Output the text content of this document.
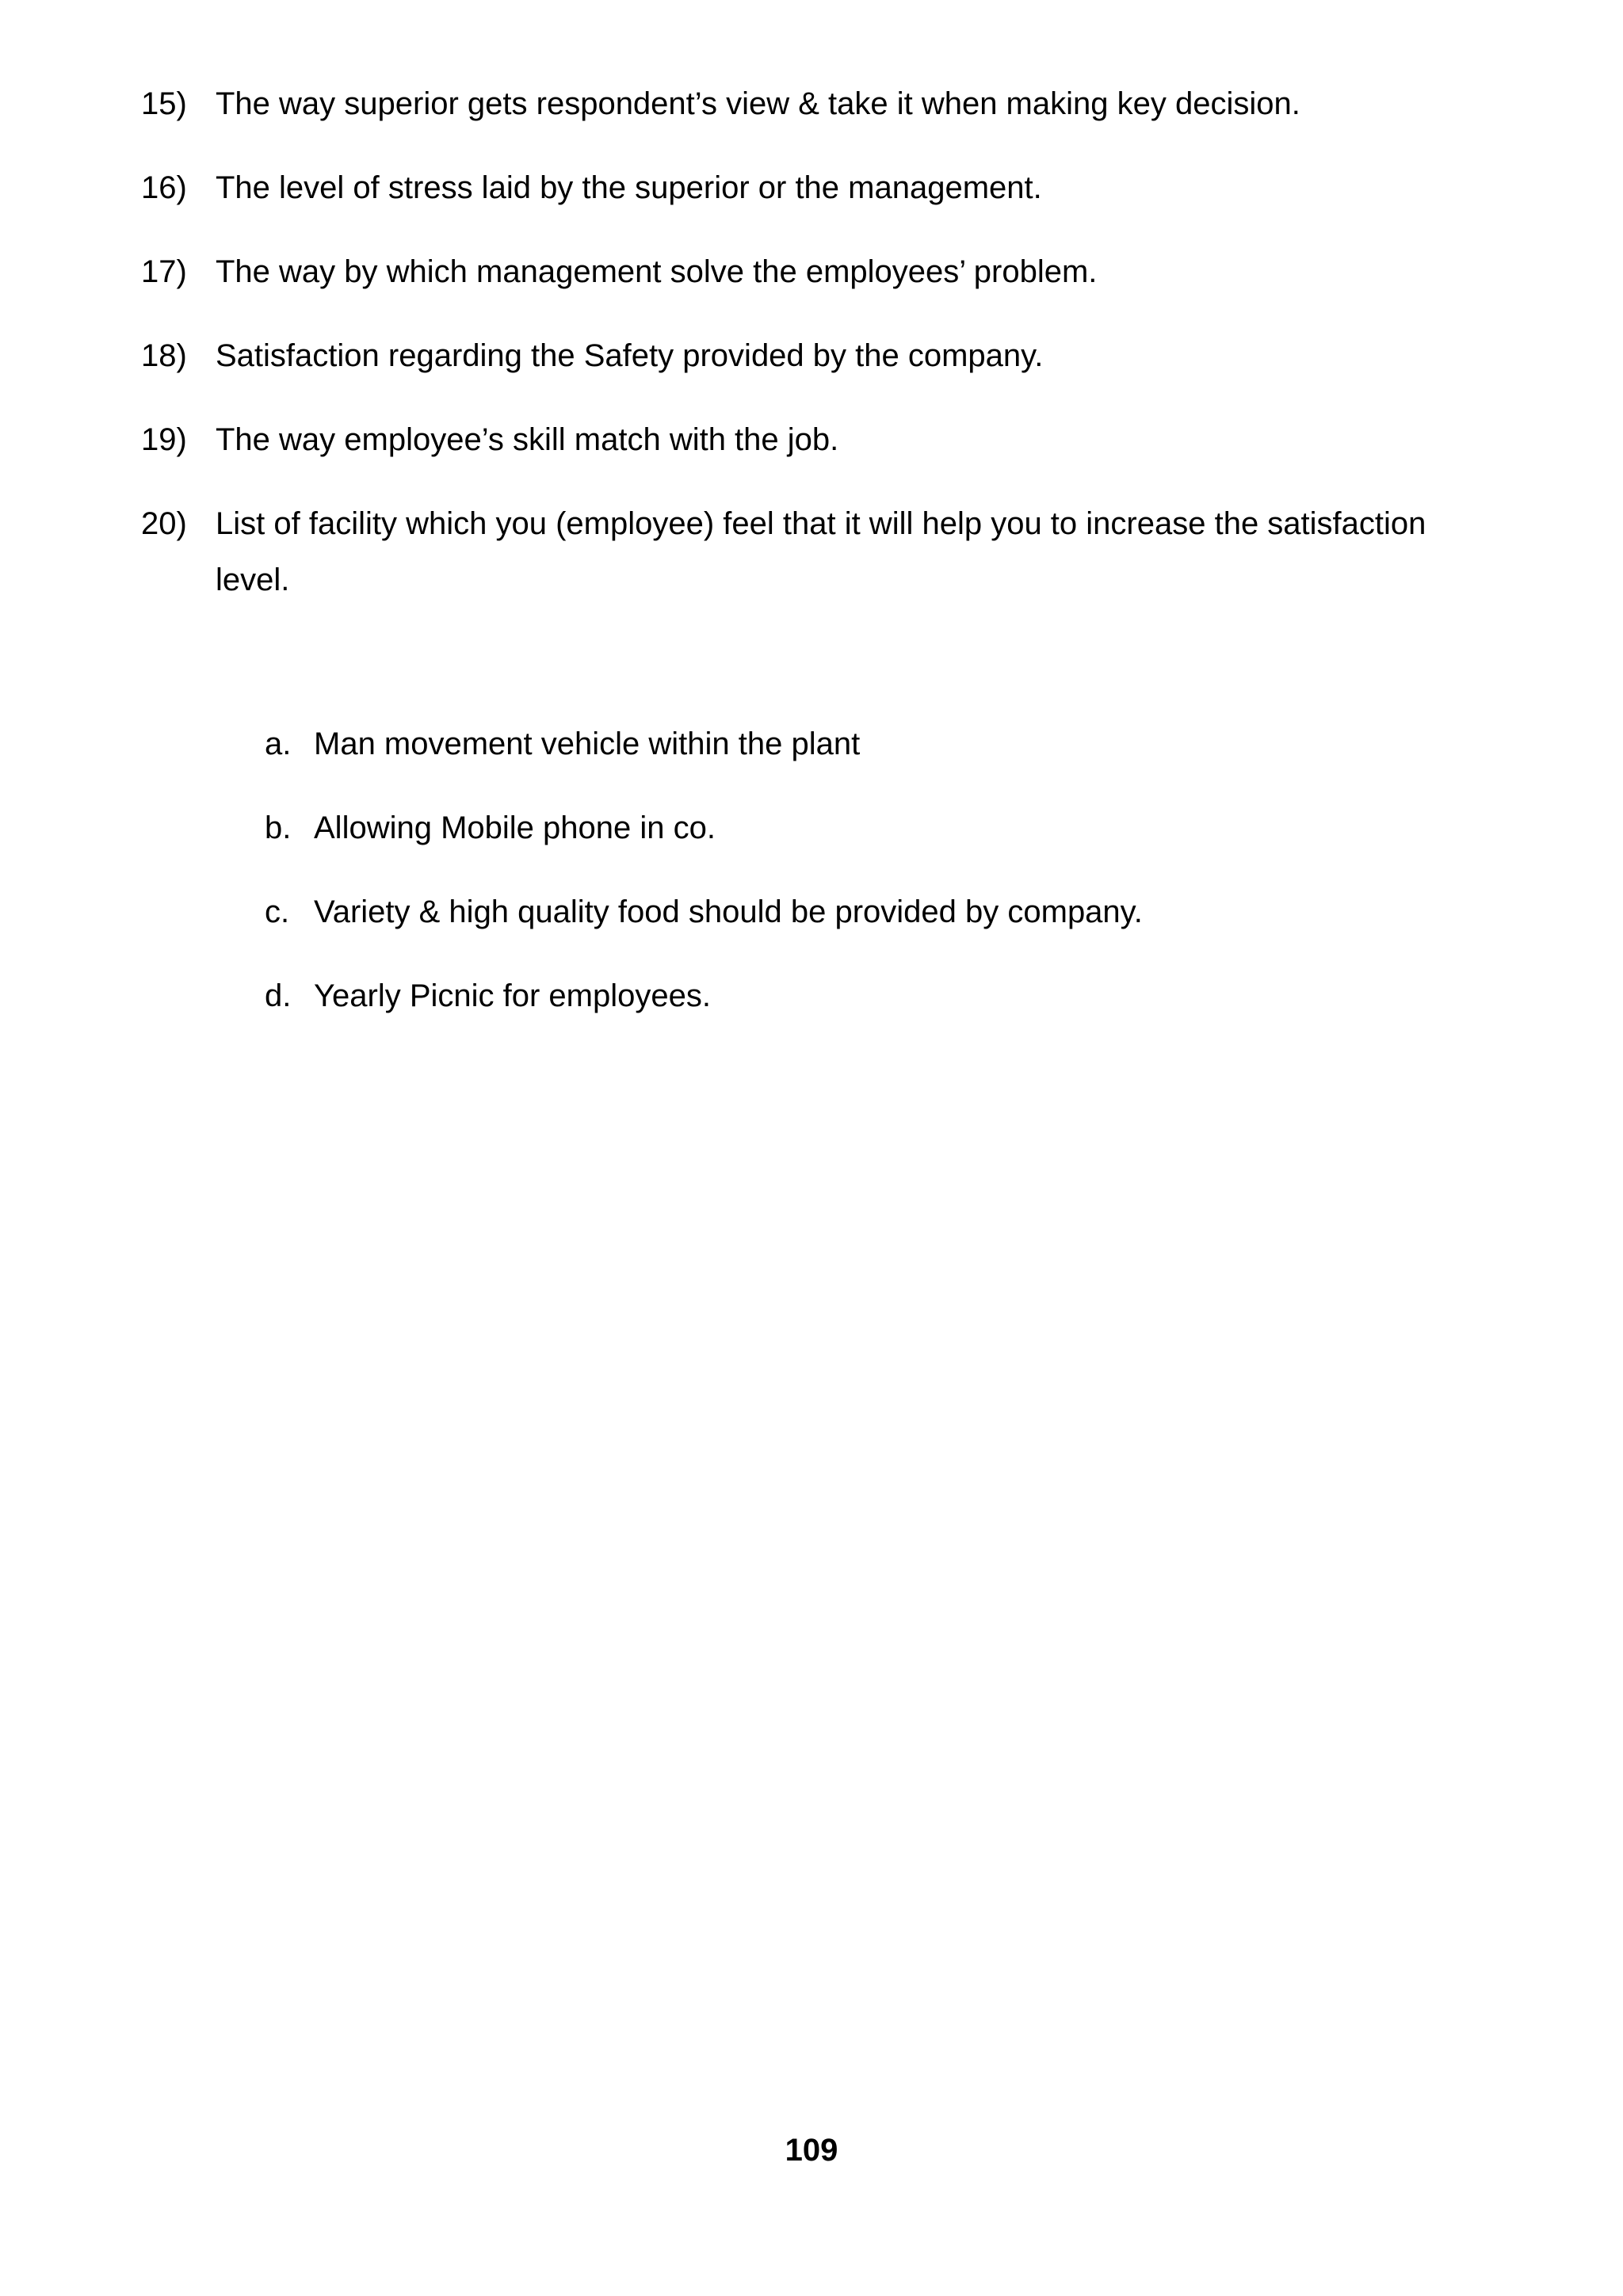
15) The way superior gets respondent’s view & take it when making key decision.
16) The level of stress laid by the superior or the management.
17) The way by which management solve the employees’ problem.
18) Satisfaction regarding the Safety provided by the company.
19) The way employee’s skill match with the job.
20) List of facility which you (employee) feel that it will help you to increase the satisfaction level.
a. Man movement vehicle within the plant
b. Allowing Mobile phone in co.
c. Variety & high quality food should be provided by company.
d. Yearly Picnic for employees.
109
